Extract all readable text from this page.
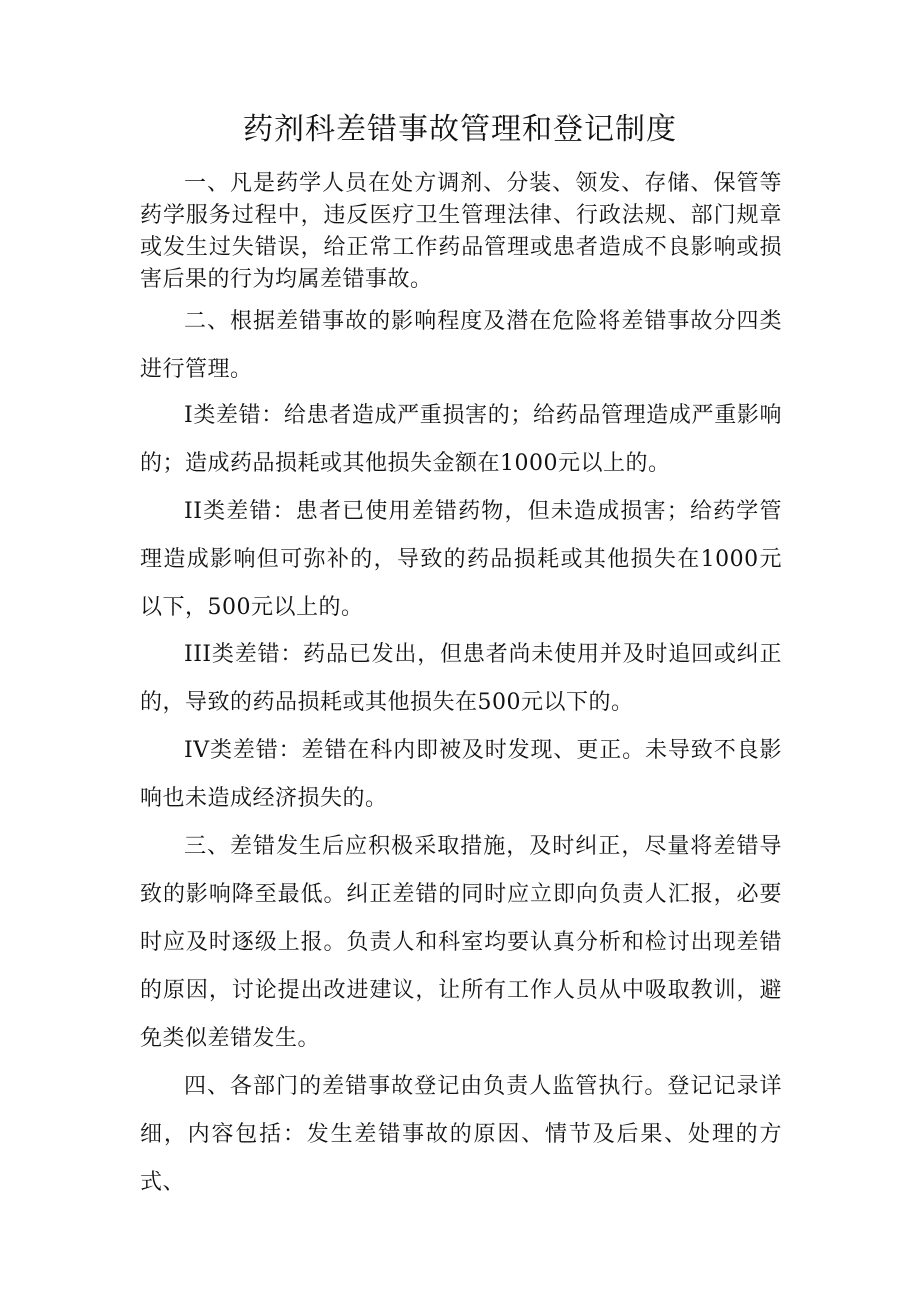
药剂科差错事故管理和登记制度

一、凡是药学人员在处方调剂、分装、领发、存储、保管等药学服务过程中，违反医疗卫生管理法律、行政法规、部门规章或发生过失错误，给正常工作药品管理或患者造成不良影响或损害后果的行为均属差错事故。

二、根据差错事故的影响程度及潜在危险将差错事故分四类进行管理。

I类差错：给患者造成严重损害的；给药品管理造成严重影响的；造成药品损耗或其他损失金额在1000元以上的。

II类差错：患者已使用差错药物，但未造成损害；给药学管理造成影响但可弥补的，导致的药品损耗或其他损失在1000元以下，500元以上的。

III类差错：药品已发出，但患者尚未使用并及时追回或纠正的，导致的药品损耗或其他损失在500元以下的。

IV类差错：差错在科内即被及时发现、更正。未导致不良影响也未造成经济损失的。

三、差错发生后应积极采取措施，及时纠正，尽量将差错导致的影响降至最低。纠正差错的同时应立即向负责人汇报，必要时应及时逐级上报。负责人和科室均要认真分析和检讨出现差错的原因，讨论提出改进建议，让所有工作人员从中吸取教训，避免类似差错发生。

四、各部门的差错事故登记由负责人监管执行。登记记录详细，内容包括：发生差错事故的原因、情节及后果、处理的方式、
